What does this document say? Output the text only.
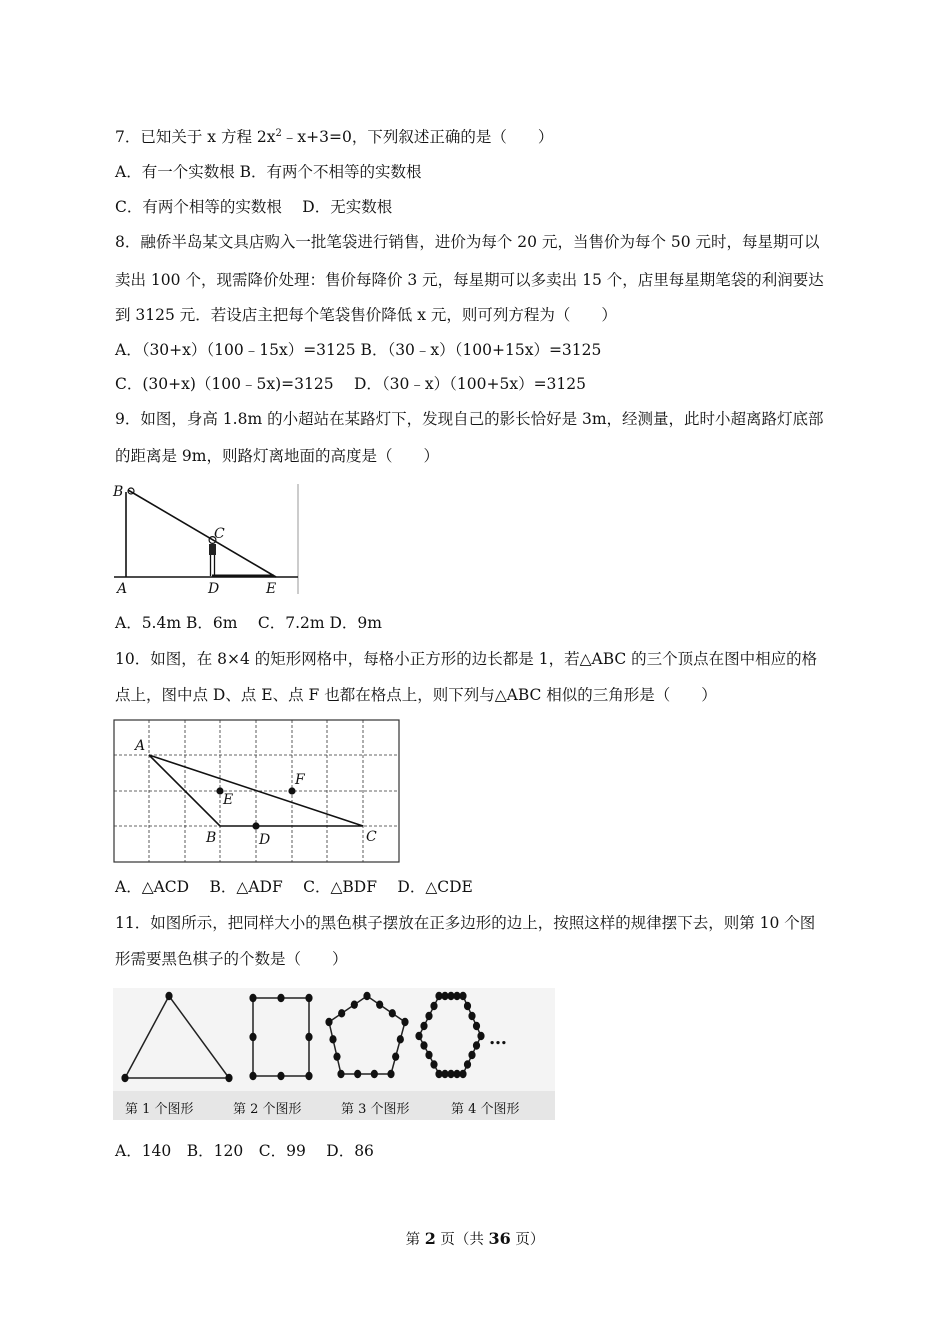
7．已知关于 x 方程 $2x^2﹣x+3=0$，下列叙述正确的是（　　）
A．有一个实数根 B．有两个不相等的实数根
C．有两个相等的实数根　 D．无实数根
8．融侨半岛某文具店购入一批笔袋进行销售，进价为每个 20 元，当售价为每个 50 元时，每星期可以
卖出 100 个，现需降价处理：售价每降价 3 元，每星期可以多卖出 15 个，店里每星期笔袋的利润要达
到 3125 元．若设店主把每个笔袋售价降低 x 元，则可列方程为（　　）
A．（30+x）（100﹣15x）=3125 B．（30﹣x）（100+15x）=3125
C．(30+x)（100﹣5x)=3125　 D．（30﹣x）（100+5x）=3125
9．如图，身高 1.8m 的小超站在某路灯下，发现自己的影长恰好是 3m，经测量，此时小超离路灯底部
的距离是 9m，则路灯离地面的高度是（　　）
B
A
C
D	E
A．5.4m B．6m　 C．7.2m D．9m
10．如图，在 8×4 的矩形网格中，每格小正方形的边长都是 1，若△ABC 的三个顶点在图中相应的格
点上，图中点 D、点 E、点 F 也都在格点上，则下列与△ABC 相似的三角形是（　　）
A
B	C
D
E
F
A．△ACD　 B．△ADF　 C．△BDF　 D．△CDE
11．如图所示，把同样大小的黑色棋子摆放在正多边形的边上，按照这样的规律摆下去，则第 10 个图
形需要黑色棋子的个数是（　　）
…
第 1 个图形	第 2 个图形	第 3 个图形	第 4 个图形
A．140　B．120　C．99　 D．86
第 2 页（共 36 页）
